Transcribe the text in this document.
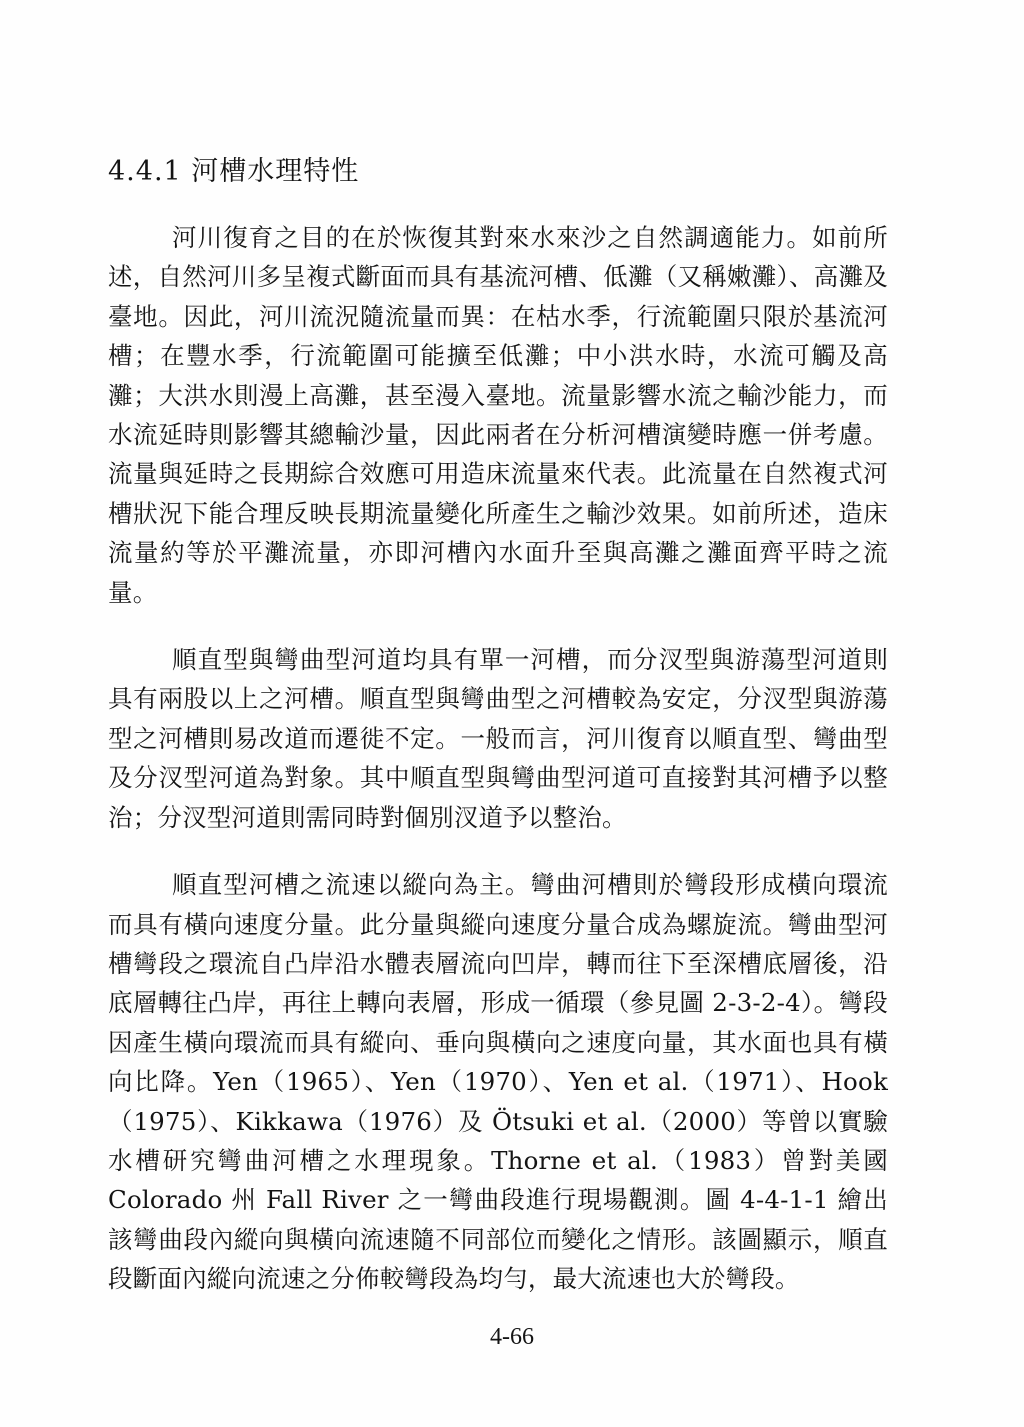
4.4.1 河槽水理特性

河川復育之目的在於恢復其對來水來沙之自然調適能力。如前所述，自然河川多呈複式斷面而具有基流河槽、低灘（又稱嫩灘）、高灘及臺地。因此，河川流況隨流量而異：在枯水季，行流範圍只限於基流河槽；在豐水季，行流範圍可能擴至低灘；中小洪水時，水流可觸及高灘；大洪水則漫上高灘，甚至漫入臺地。流量影響水流之輸沙能力，而水流延時則影響其總輸沙量，因此兩者在分析河槽演變時應一併考慮。流量與延時之長期綜合效應可用造床流量來代表。此流量在自然複式河槽狀況下能合理反映長期流量變化所產生之輸沙效果。如前所述，造床流量約等於平灘流量，亦即河槽內水面升至與高灘之灘面齊平時之流量。

順直型與彎曲型河道均具有單一河槽，而分汊型與游蕩型河道則具有兩股以上之河槽。順直型與彎曲型之河槽較為安定，分汊型與游蕩型之河槽則易改道而遷徙不定。一般而言，河川復育以順直型、彎曲型及分汊型河道為對象。其中順直型與彎曲型河道可直接對其河槽予以整治；分汊型河道則需同時對個別汊道予以整治。

順直型河槽之流速以縱向為主。彎曲河槽則於彎段形成橫向環流而具有橫向速度分量。此分量與縱向速度分量合成為螺旋流。彎曲型河槽彎段之環流自凸岸沿水體表層流向凹岸，轉而往下至深槽底層後，沿底層轉往凸岸，再往上轉向表層，形成一循環（參見圖 2-3-2-4）。彎段因產生橫向環流而具有縱向、垂向與橫向之速度向量，其水面也具有橫向比降。Yen（1965）、Yen（1970）、Yen et al.（1971）、Hook（1975）、Kikkawa（1976）及 Ötsuki et al.（2000）等曾以實驗水槽研究彎曲河槽之水理現象。Thorne et al.（1983）曾對美國 Colorado 州 Fall River 之一彎曲段進行現場觀測。圖 4-4-1-1 繪出該彎曲段內縱向與橫向流速隨不同部位而變化之情形。該圖顯示，順直段斷面內縱向流速之分佈較彎段為均勻，最大流速也大於彎段。

4-66
